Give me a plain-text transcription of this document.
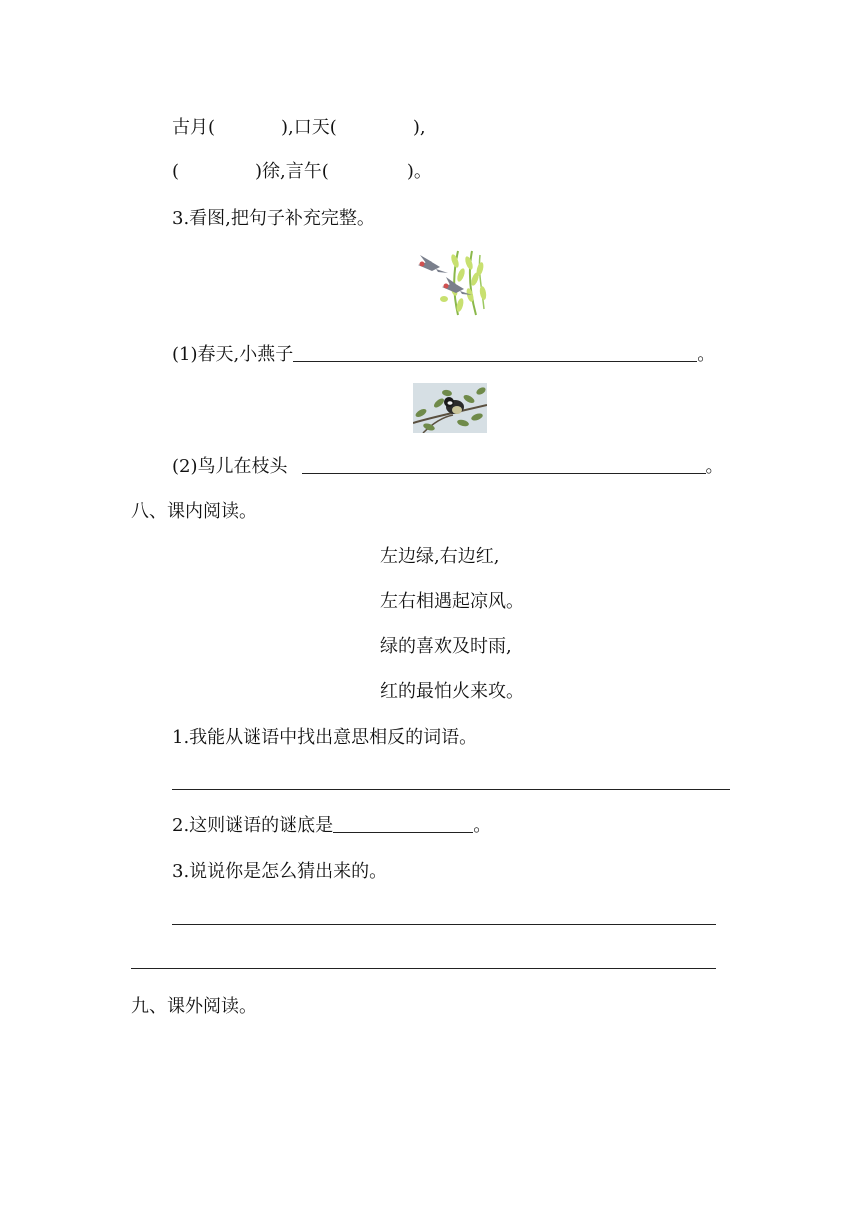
古月(	),口天(	),
(	)徐,言午(	)。
3.看图,把句子补充完整。
(1)春天,小燕子	。
(2)鸟儿在枝头	。
八、课内阅读。
左边绿,右边红,
左右相遇起凉风。
绿的喜欢及时雨,
红的最怕火来攻。
1.我能从谜语中找出意思相反的词语。
2.这则谜语的谜底是	。
3.说说你是怎么猜出来的。
九、课外阅读。
